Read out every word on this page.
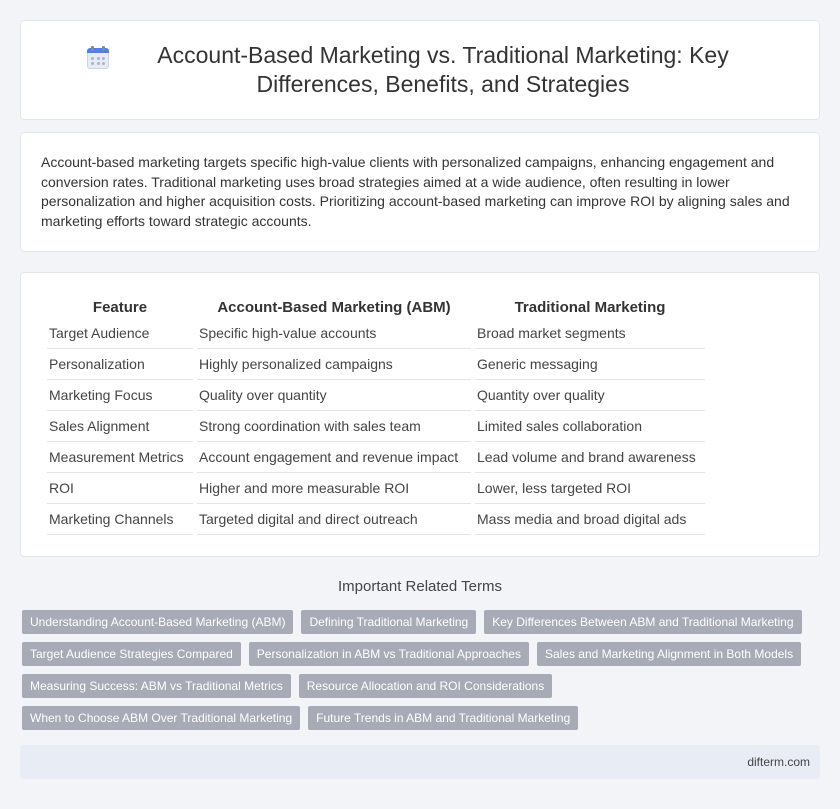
Account-Based Marketing vs. Traditional Marketing: Key Differences, Benefits, and Strategies

Account-based marketing targets specific high-value clients with personalized campaigns, enhancing engagement and conversion rates. Traditional marketing uses broad strategies aimed at a wide audience, often resulting in lower personalization and higher acquisition costs. Prioritizing account-based marketing can improve ROI by aligning sales and marketing efforts toward strategic accounts.

Feature	Account-Based Marketing (ABM)	Traditional Marketing
Target Audience	Specific high-value accounts	Broad market segments
Personalization	Highly personalized campaigns	Generic messaging
Marketing Focus	Quality over quantity	Quantity over quality
Sales Alignment	Strong coordination with sales team	Limited sales collaboration
Measurement Metrics	Account engagement and revenue impact	Lead volume and brand awareness
ROI	Higher and more measurable ROI	Lower, less targeted ROI
Marketing Channels	Targeted digital and direct outreach	Mass media and broad digital ads
Important Related Terms
Understanding Account-Based Marketing (ABM)	Defining Traditional Marketing	Key Differences Between ABM and Traditional Marketing
Target Audience Strategies Compared	Personalization in ABM vs Traditional Approaches	Sales and Marketing Alignment in Both Models
Measuring Success: ABM vs Traditional Metrics	Resource Allocation and ROI Considerations
When to Choose ABM Over Traditional Marketing	Future Trends in ABM and Traditional Marketing
difterm.com
